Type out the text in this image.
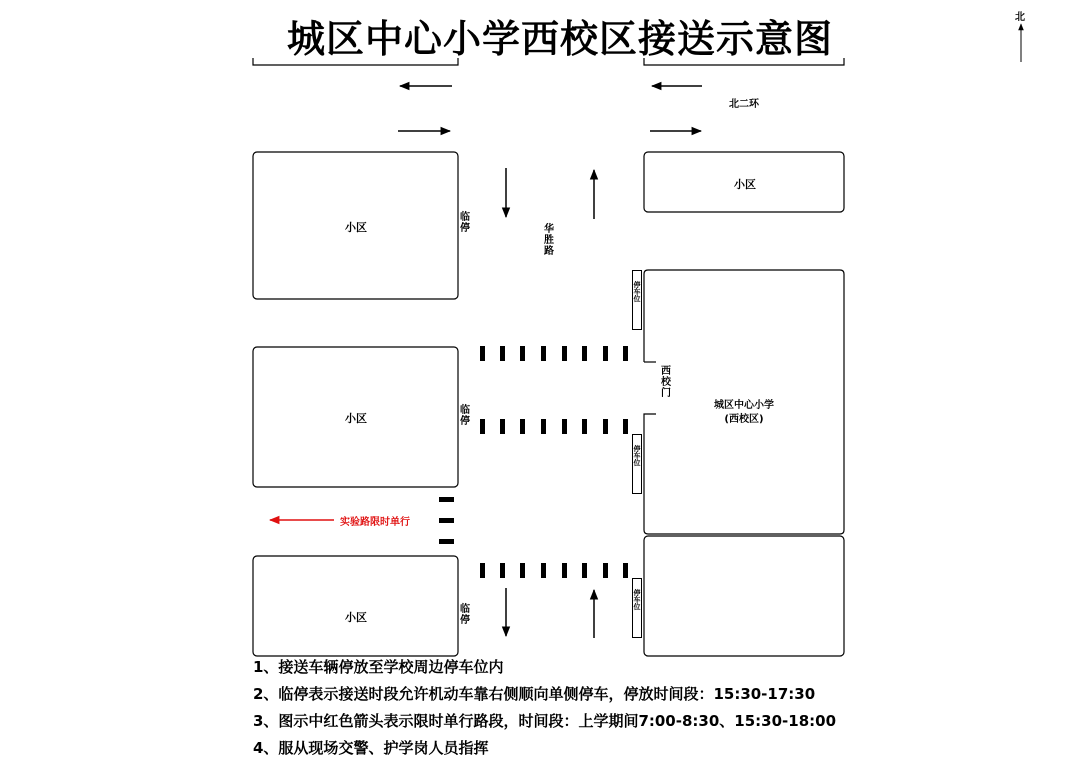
城区中心小学西校区接送示意图	北
北二环
小区
小区
小区
小区
城区中心小学
(西校区)
临停
临停
临停
华胜路
西校门
停车位
停车位
停车位
实验路限时单行
1、接送车辆停放至学校周边停车位内
2、临停表示接送时段允许机动车靠右侧顺向单侧停车，停放时间段：15:30-17:30
3、图示中红色箭头表示限时单行路段，时间段：上学期间7:00-8:30、15:30-18:00
4、服从现场交警、护学岗人员指挥
